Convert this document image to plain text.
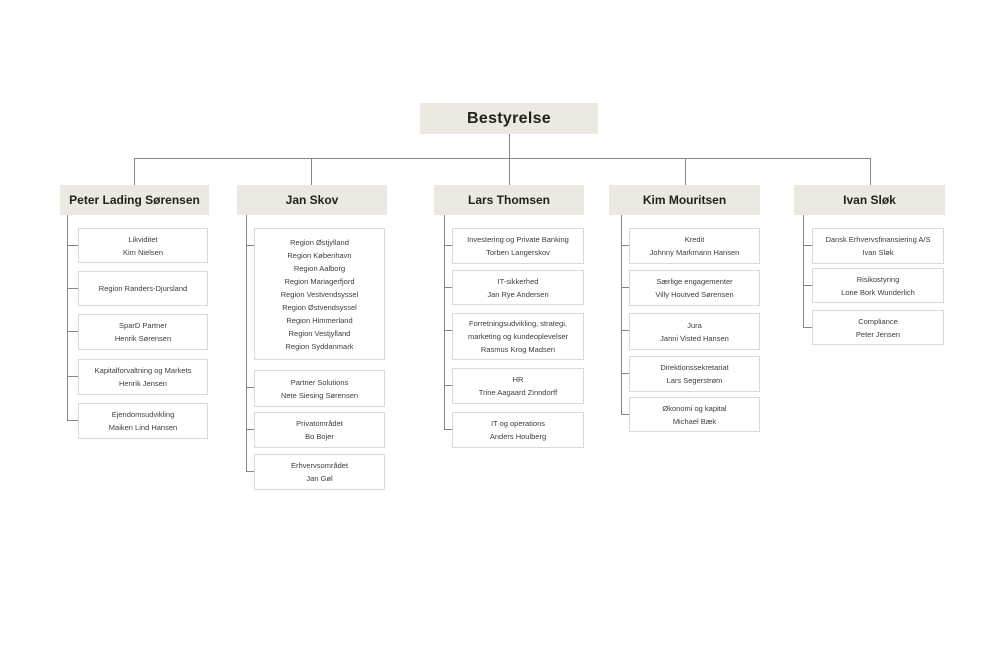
Bestyrelse
Peter Lading Sørensen	Jan Skov	Lars Thomsen	Kim Mouritsen	Ivan Sløk
Likviditet
Kim Nielsen
Region Randers-Djursland
SparD Partner
Henrik Sørensen
Kapitalforvaltning og Markets
Henrik Jensen
Ejendomsudvikling
Maiken Lind Hansen
Region Østjylland
Region København
Region Aalborg
Region Mariagerfjord
Region Vestvendsyssel
Region Østvendsyssel
Region Himmerland
Region Vestjylland
Region Syddanmark
Partner Solutions
Nete Siesing Sørensen
Privatområdet
Bo Bojer
Erhvervsområdet
Jan Gøl
Investering og Private Banking
Torben Langerskov
IT-sikkerhed
Jan Rye Andersen
Forretningsudvikling, strategi, marketing og kundeoplevelser
Rasmus Krog Madsen
HR
Trine Aagaard Zinndorff
IT og operations
Anders Houlberg
Kredit
Johnny Markmann Hansen
Særlige engagementer
Villy Houtved Sørensen
Jura
Janni Visted Hansen
Direktionssekretariat
Lars Segerstrøm
Økonomi og kapital
Michael Bæk
Dansk Erhvervsfinansiering A/S
Ivan Sløk
Risikostyring
Lone Bork Wunderlich
Compliance
Peter Jensen
